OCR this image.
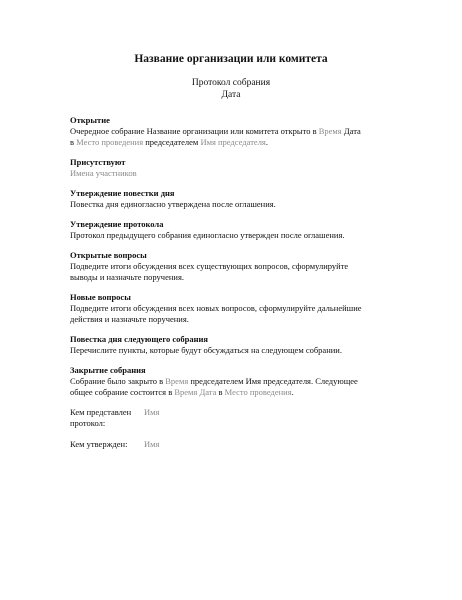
Название организации или комитета

Протокол собрания

Дата

Открытие

Очередное собрание Название организации или комитета открыто в Время Дата
в Место проведения председателем Имя председателя.

Присутствуют

Имена участников

Утверждение повестки дня

Повестка дня единогласно утверждена после оглашения.

Утверждение протокола

Протокол предыдущего собрания единогласно утвержден после оглашения.

Открытые вопросы

Подведите итоги обсуждения всех существующих вопросов, сформулируйте
выводы и назначьте поручения.

Новые вопросы

Подведите итоги обсуждения всех новых вопросов, сформулируйте дальнейшие
действия и назначьте поручения.

Повестка дня следующего собрания

Перечислите пункты, которые будут обсуждаться на следующем собрании.

Закрытие собрания

Собрание было закрыто в Время председателем Имя председателя. Следующее
общее собрание состоится в Время Дата в Место проведения.

Кем представлен
протокол:
Имя
Кем утвержден:	Имя
